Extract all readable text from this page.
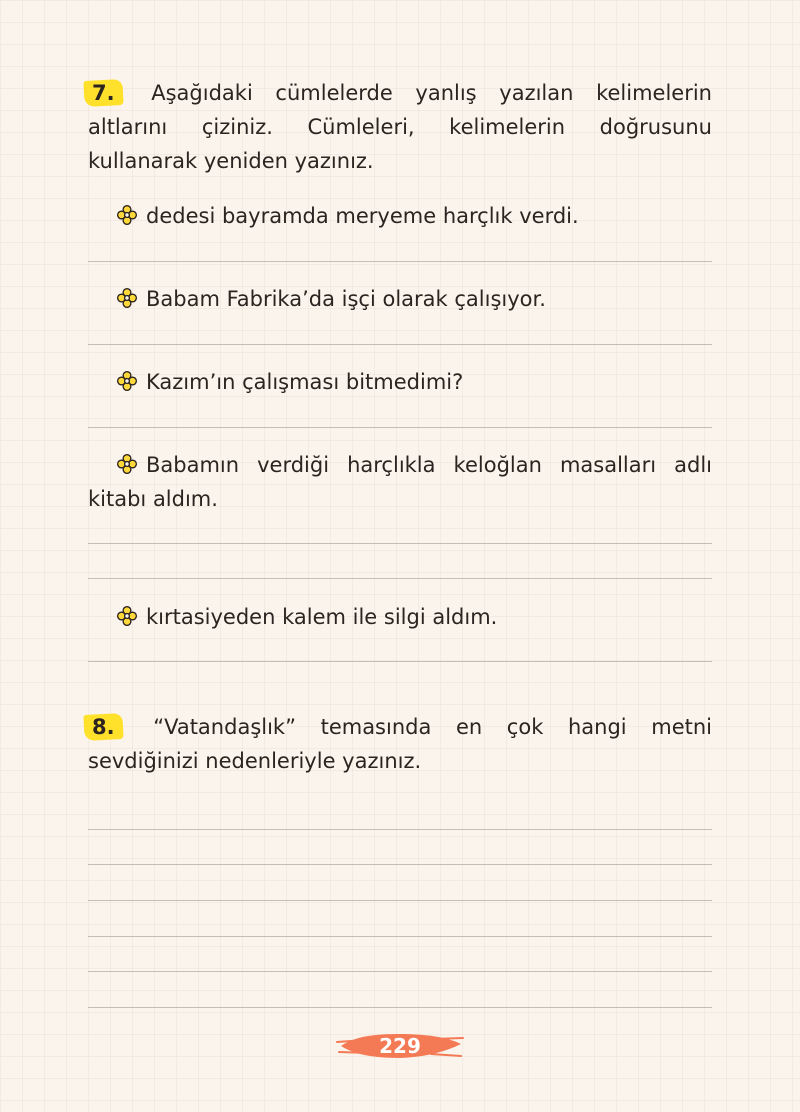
7. Aşağıdaki cümlelerde yanlış yazılan kelimelerin altlarını çiziniz. Cümleleri, kelimelerin doğrusunu kullanarak yeniden yazınız.
dedesi bayramda meryeme harçlık verdi.
Babam Fabrika’da işçi olarak çalışıyor.
Kazım’ın çalışması bitmedimi?
Babamın verdiği harçlıkla keloğlan masalları adlı kitabı aldım.
kırtasiyeden kalem ile silgi aldım.
8. “Vatandaşlık” temasında en çok hangi metni sevdiğinizi nedenleriyle yazınız.
229
